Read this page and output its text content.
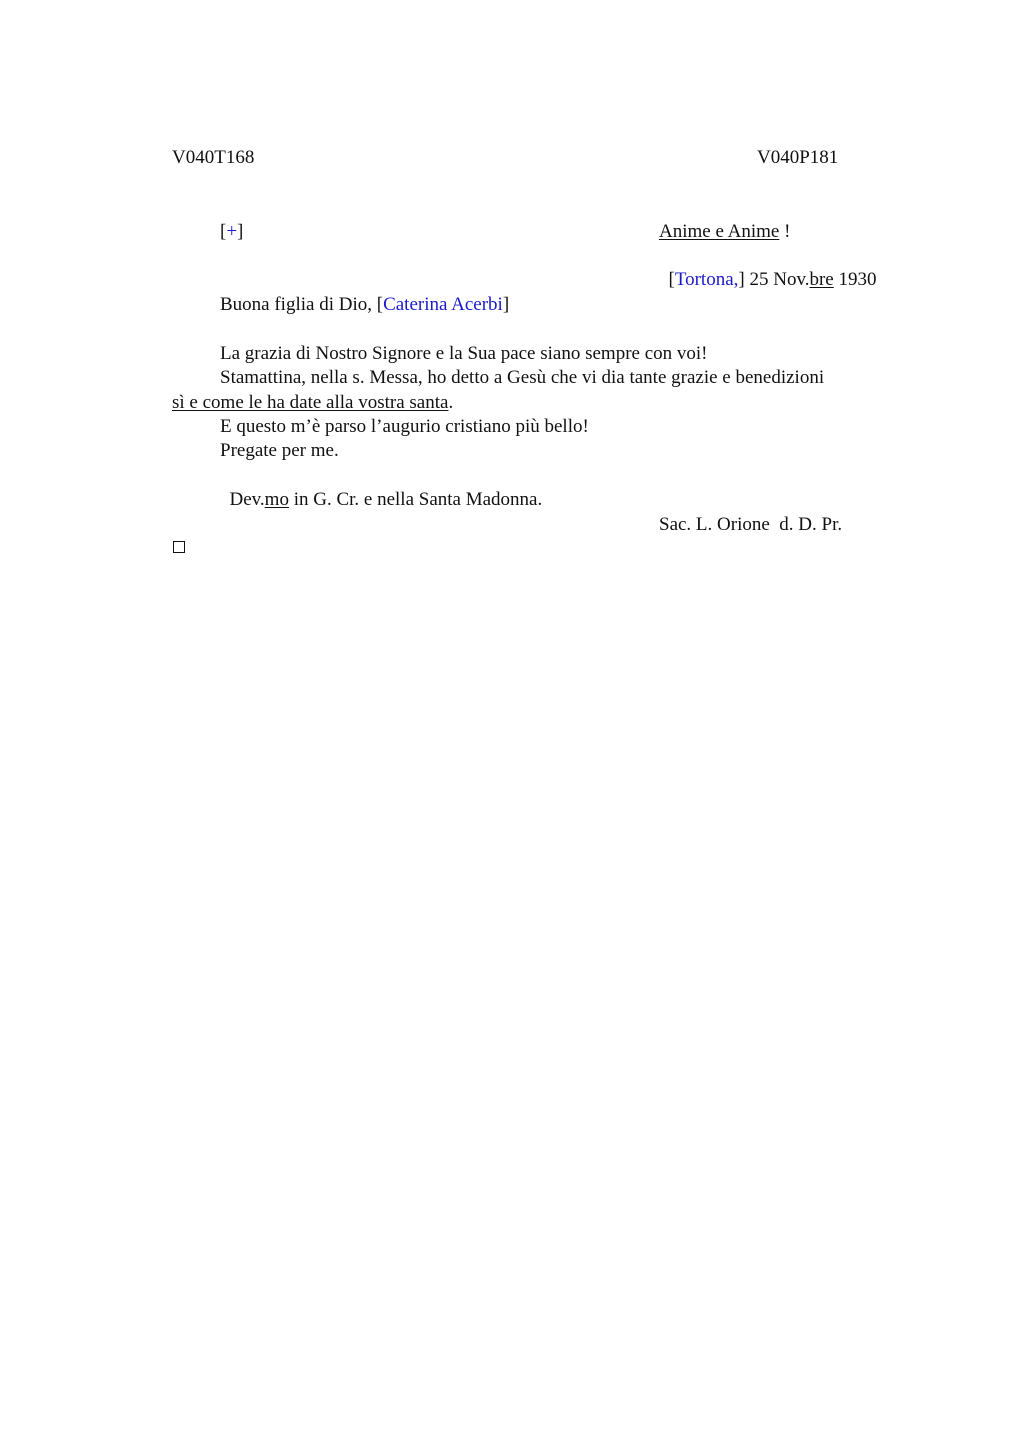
V040T168	V040P181
[+]	Anime e Anime !

[Tortona,] 25 Nov.bre 1930

Buona figlia di Dio, [Caterina Acerbi]
La grazia di Nostro Signore e la Sua pace siano sempre con voi!
Stamattina, nella s. Messa, ho detto a Gesù che vi dia tante grazie e benedizioni
sì e come le ha date alla vostra santa.
E questo m’è parso l’augurio cristiano più bello!
Pregate per me.

Dev.mo in G. Cr. e nella Santa Madonna.

Sac. L. Orione  d. D. Pr.
